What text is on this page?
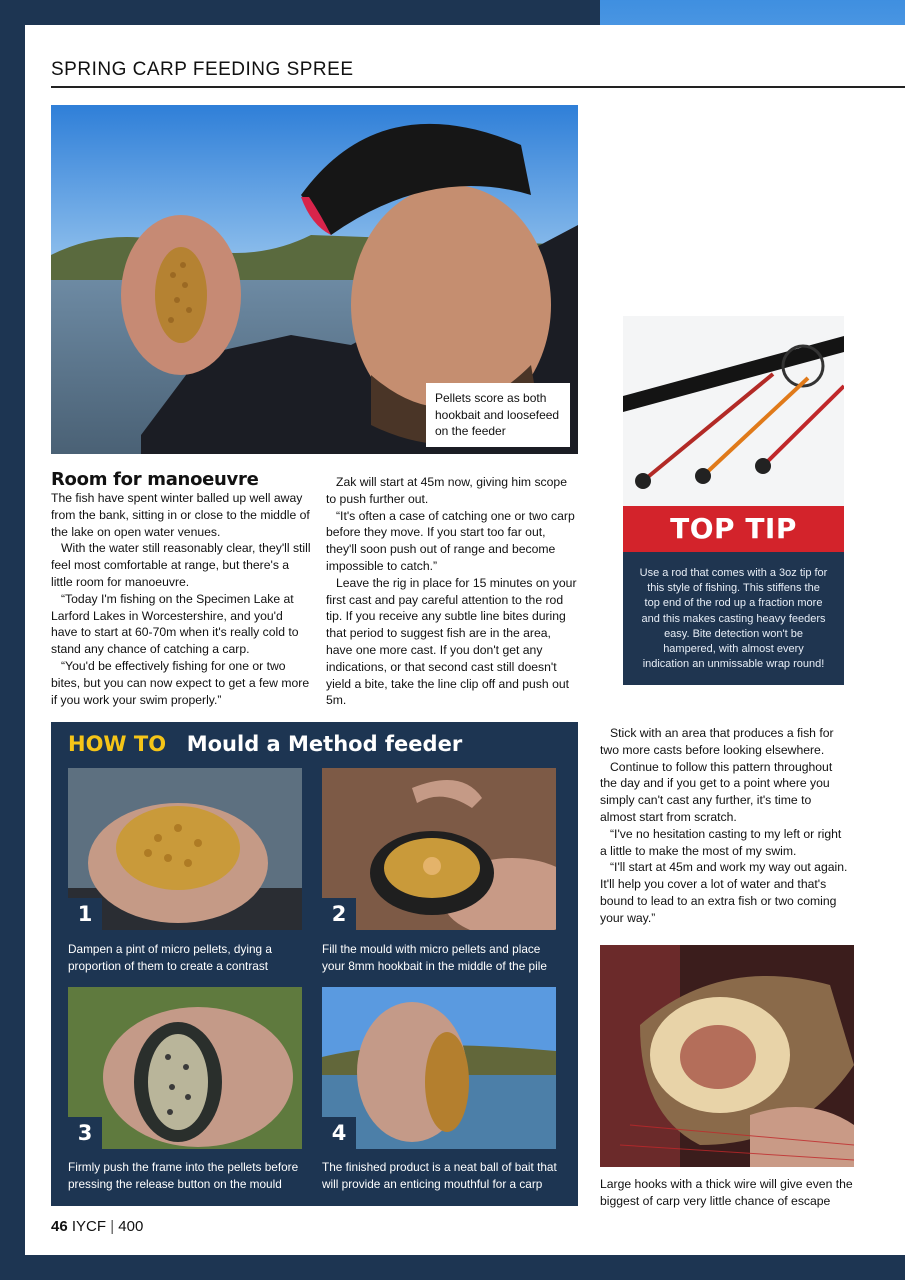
SPRING CARP FEEDING SPREE
Pellets score as both hookbait and loosefeed on the feeder
TOP TIP
Use a rod that comes with a 3oz tip for this style of fishing. This stiffens the top end of the rod up a fraction more and this makes casting heavy feeders easy. Bite detection won't be hampered, with almost every indication an unmissable wrap round!
Room for manoeuvre

The fish have spent winter balled up well away from the bank, sitting in or close to the middle of the lake on open water venues.

With the water still reasonably clear, they'll still feel most comfortable at range, but there's a little room for manoeuvre.

“Today I'm fishing on the Specimen Lake at Larford Lakes in Worcestershire, and you'd have to start at 60-70m when it's really cold to stand any chance of catching a carp.

“You'd be effectively fishing for one or two bites, but you can now expect to get a few more if you work your swim properly.”

Zak will start at 45m now, giving him scope to push further out.

“It's often a case of catching one or two carp before they move. If you start too far out, they'll soon push out of range and become impossible to catch.”

Leave the rig in place for 15 minutes on your first cast and pay careful attention to the rod tip. If you receive any subtle line bites during that period to suggest fish are in the area, have one more cast. If you don't get any indications, or that second cast still doesn't yield a bite, take the line clip off and push out 5m.

Stick with an area that produces a fish for two more casts before looking elsewhere.

Continue to follow this pattern throughout the day and if you get to a point where you simply can't cast any further, it's time to almost start from scratch.

“I've no hesitation casting to my left or right a little to make the most of my swim.

“I'll start at 45m and work my way out again. It'll help you cover a lot of water and that's bound to lead to an extra fish or two coming your way.”

HOW TO Mould a Method feeder
1
Dampen a pint of micro pellets, dying a proportion of them to create a contrast
2
Fill the mould with micro pellets and place your 8mm hookbait in the middle of the pile
3
Firmly push the frame into the pellets before pressing the release button on the mould
4
The finished product is a neat ball of bait that will provide an enticing mouthful for a carp	Large hooks with a thick wire will give even the biggest of carp very little chance of escape
46 IYCF | 400
